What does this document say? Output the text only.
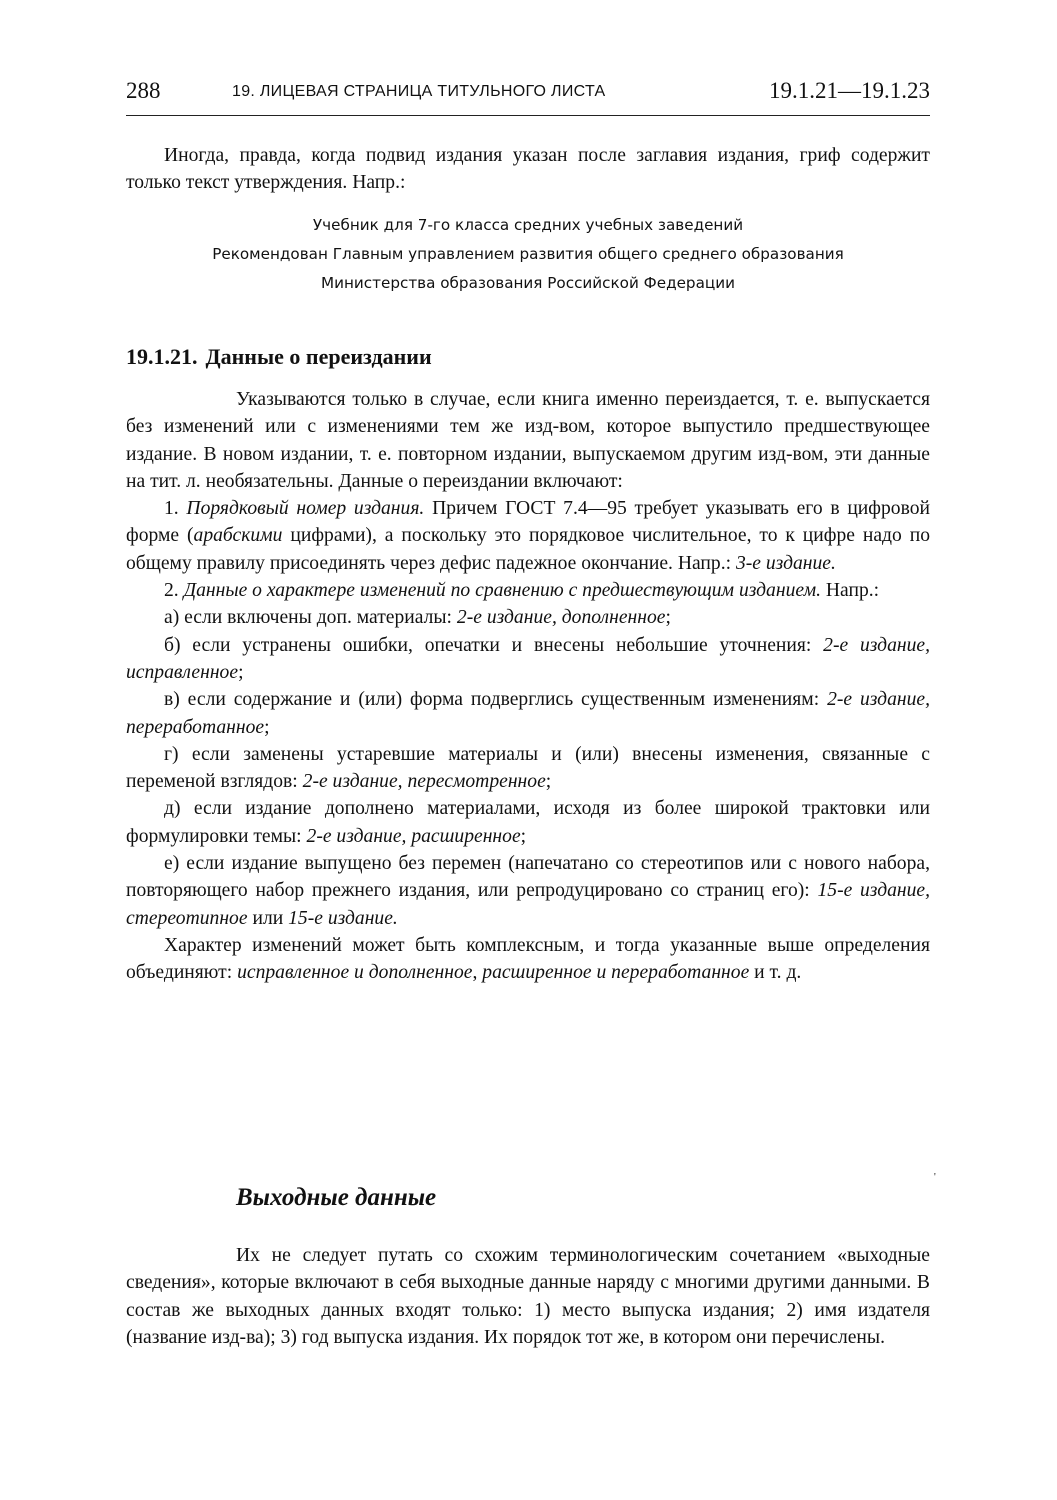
288	19. ЛИЦЕВАЯ СТРАНИЦА ТИТУЛЬНОГО ЛИСТА	19.1.21—19.1.23

Иногда, правда, когда подвид издания указан после заглавия издания, гриф содержит только текст утверждения. Напр.:

Учебник для 7-го класса средних учебных заведений
Рекомендован Главным управлением развития общего среднего образования
Министерства образования Российской Федерации
19.1.21. Данные о переиздании

Указываются только в случае, если книга именно переиздается, т. е. выпускается без изменений или с изменениями тем же изд-вом, которое выпустило предшествующее издание. В новом издании, т. е. повторном издании, выпускаемом другим изд-вом, эти данные на тит. л. необязательны. Данные о переиздании включают:

1. Порядковый номер издания. Причем ГОСТ 7.4—95 требует указывать его в цифровой форме (арабскими цифрами), а поскольку это порядковое числительное, то к цифре надо по общему правилу присоединять через дефис падежное окончание. Напр.: 3-е издание.

2. Данные о характере изменений по сравнению с предшествующим изданием. Напр.:

а) если включены доп. материалы: 2-е издание, дополненное;

б) если устранены ошибки, опечатки и внесены небольшие уточнения: 2-е издание, исправленное;

в) если содержание и (или) форма подверглись существенным изменениям: 2-е издание, переработанное;

г) если заменены устаревшие материалы и (или) внесены изменения, связанные с переменой взглядов: 2-е издание, пересмотренное;

д) если издание дополнено материалами, исходя из более широкой трактовки или формулировки темы: 2-е издание, расширенное;

е) если издание выпущено без перемен (напечатано со стереотипов или с нового набора, повторяющего набор прежнего издания, или репродуцировано со страниц его): 15-е издание, стереотипное или 15-е издание.

Характер изменений может быть комплексным, и тогда указанные выше определения объединяют: исправленное и дополненное, расширенное и переработанное и т. д.

Выходные данные
'

Их не следует путать со схожим терминологическим сочетанием «выходные сведения», которые включают в себя выходные данные наряду с многими другими данными. В состав же выходных данных входят только: 1) место выпуска издания; 2) имя издателя (название изд-ва); 3) год выпуска издания. Их порядок тот же, в котором они перечислены.
